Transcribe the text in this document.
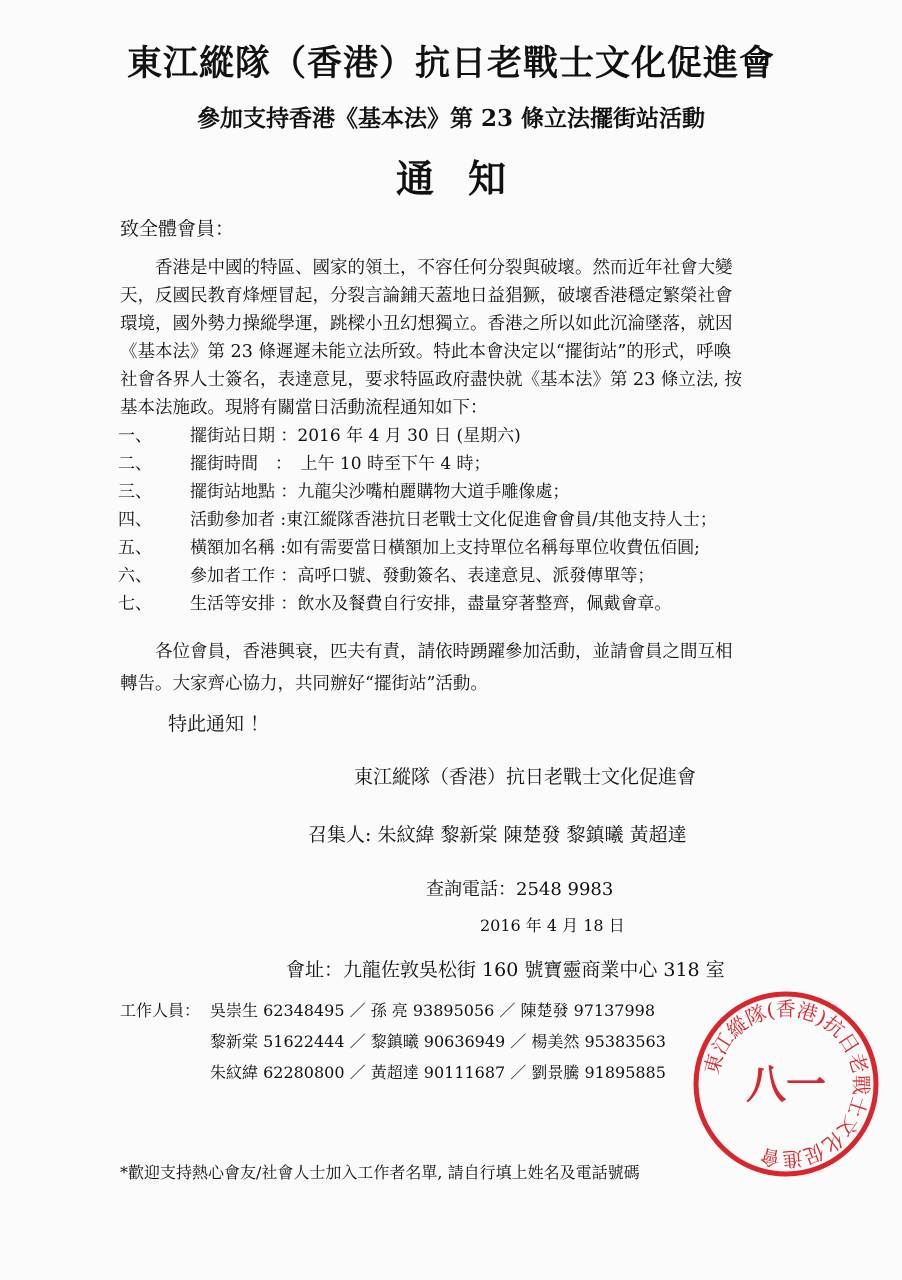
東江縱隊（香港）抗日老戰士文化促進會
參加支持香港《基本法》第 23 條立法擺街站活動
通知
致全體會員：
　　香港是中國的特區、國家的領土，不容任何分裂與破壞。然而近年社會大變
天，反國民教育烽煙冒起，分裂言論鋪天蓋地日益猖獗，破壞香港穩定繁榮社會
環境，國外勢力操縱學運，跳樑小丑幻想獨立。香港之所以如此沉淪墜落，就因
《基本法》第 23 條遲遲未能立法所致。特此本會決定以“擺街站”的形式，呼喚
社會各界人士簽名，表達意見，要求特區政府盡快就《基本法》第 23 條立法, 按
基本法施政。現將有關當日活動流程通知如下：
一、 擺街站日期 ：2016 年 4 月 30 日 (星期六)
二、 擺街時間　：　上午 10 時至下午 4 時；
三、 擺街站地點 ：九龍尖沙嘴柏麗購物大道手雕像處；
四、 活動參加者 :東江縱隊香港抗日老戰士文化促進會會員/其他支持人士；
五、 橫額加名稱 :如有需要當日橫額加上支持單位名稱每單位收費伍佰圓;
六、 參加者工作 ：高呼口號、發動簽名、表達意見、派發傳單等；
七、 生活等安排 ：飲水及餐費自行安排，盡量穿著整齊，佩戴會章。
　　各位會員，香港興衰，匹夫有責，請依時踴躍參加活動，並請會員之間互相
轉告。大家齊心協力，共同辦好“擺街站”活動。
特此通知 ！
東江縱隊（香港）抗日老戰士文化促進會
召集人: 朱紋緯 黎新棠 陳楚發 黎鎮曦 黃超達
查詢電話：2548 9983
2016 年 4 月 18 日
會址：九龍佐敦吳松街 160 號寶靈商業中心 318 室
工作人員： 吳崇生 62348495 ／ 孫 亮 93895056 ／ 陳楚發 97137998
黎新棠 51622444 ／ 黎鎮曦 90636949 ／ 楊美然 95383563
朱紋緯 62280800 ／ 黃超達 90111687 ／ 劉景騰 91895885 東江縱隊(香港)抗日老戰士文化促進會
八一
*歡迎支持熱心會友/社會人士加入工作者名單, 請自行填上姓名及電話號碼
